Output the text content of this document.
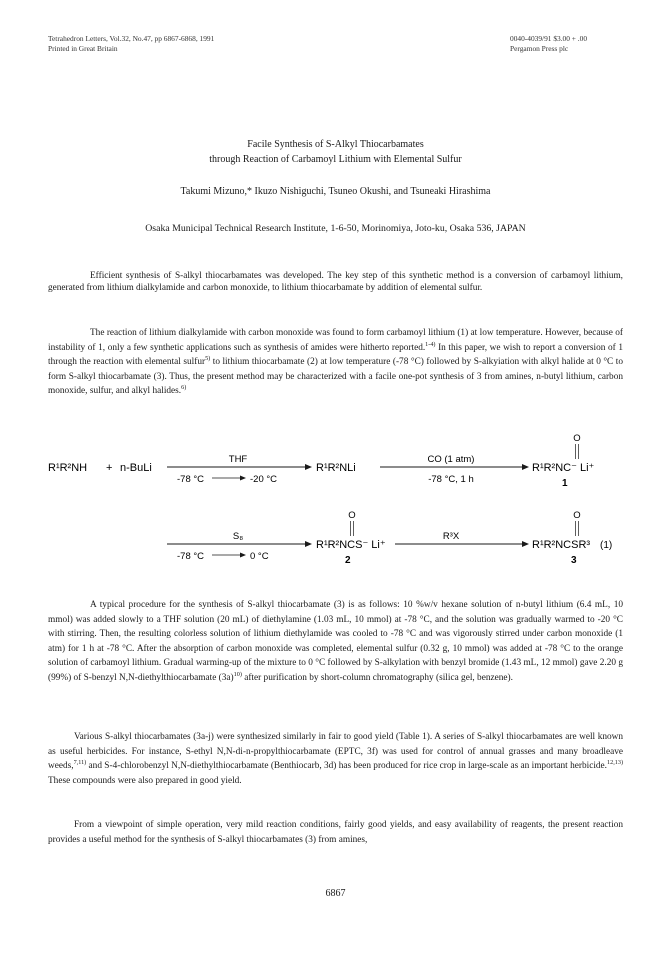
Tetrahedron Letters, Vol.32, No.47, pp 6867-6868, 1991
Printed in Great Britain
0040-4039/91 $3.00 + .00
Pergamon Press plc
Facile Synthesis of S-Alkyl Thiocarbamates
through Reaction of Carbamoyl Lithium with Elemental Sulfur
Takumi Mizuno,* Ikuzo Nishiguchi, Tsuneo Okushi, and Tsuneaki Hirashima
Osaka Municipal Technical Research Institute, 1-6-50, Morinomiya, Joto-ku, Osaka 536, JAPAN
Efficient synthesis of S-alkyl thiocarbamates was developed. The key step of this synthetic method is a conversion of carbamoyl lithium, generated from lithium dialkylamide and carbon monoxide, to lithium thiocarbamate by addition of elemental sulfur.
The reaction of lithium dialkylamide with carbon monoxide was found to form carbamoyl lithium (1) at low temperature. However, because of instability of 1, only a few synthetic applications such as synthesis of amides were hitherto reported.$^{1-4)}$ In this paper, we wish to report a conversion of 1 through the reaction with elemental sulfur$^{5)}$ to lithium thiocarbamate (2) at low temperature (-78 °C) followed by S-alkyiation with alkyl halide at 0 °C to form S-alkyl thiocarbamate (3). Thus, the present method may be characterized with a facile one-pot synthesis of 3 from amines, n-butyl lithium, carbon monoxide, sulfur, and alkyl halides.$^{6)}$
R¹R²NH + n-BuLi
THF
-78 °C	-20 °C
R¹R²NLi
CO (1 atm)
-78 °C, 1 h
O
R¹R²NC⁻ Li⁺
1
S₈
-78 °C	0 °C
O
R¹R²NCS⁻ Li⁺
2
R³X
O
R¹R²NCSR³
3
(1)
A typical procedure for the synthesis of S-alkyl thiocarbamate (3) is as follows: 10 %w/v hexane solution of n-butyl lithium (6.4 mL, 10 mmol) was added slowly to a THF solution (20 mL) of diethylamine (1.03 mL, 10 mmol) at -78 °C, and the solution was gradually warmed to -20 °C with stirring. Then, the resulting colorless solution of lithium diethylamide was cooled to -78 °C and was vigorously stirred under carbon monoxide (1 atm) for 1 h at -78 °C. After the absorption of carbon monoxide was completed, elemental sulfur (0.32 g, 10 mmol) was added at -78 °C to the orange solution of carbamoyl lithium. Gradual warming-up of the mixture to 0 °C followed by S-alkylation with benzyl bromide (1.43 mL, 12 mmol) gave 2.20 g (99%) of S-benzyl N,N-diethylthiocarbamate $(3a)^{10)}$ after purification by short-column chromatography (silica gel, benzene).
Various S-alkyl thiocarbamates (3a-j) were synthesized similarly in fair to good yield (Table 1). A series of S-alkyl thiocarbamates are well known as useful herbicides. For instance, S-ethyl N,N-di-n-propylthiocarbamate (EPTC, 3f) was used for control of annual grasses and many broadleave weeds,$^{7,11)}$ and S-4-chlorobenzyl N,N-diethylthiocarbamate (Benthiocarb, 3d) has been produced for rice crop in large-scale as an important herbicide.$^{12,13)}$ These compounds were also prepared in good yield.
From a viewpoint of simple operation, very mild reaction conditions, fairly good yields, and easy availability of reagents, the present reaction provides a useful method for the synthesis of S-alkyl thiocarbamates (3) from amines,
6867
